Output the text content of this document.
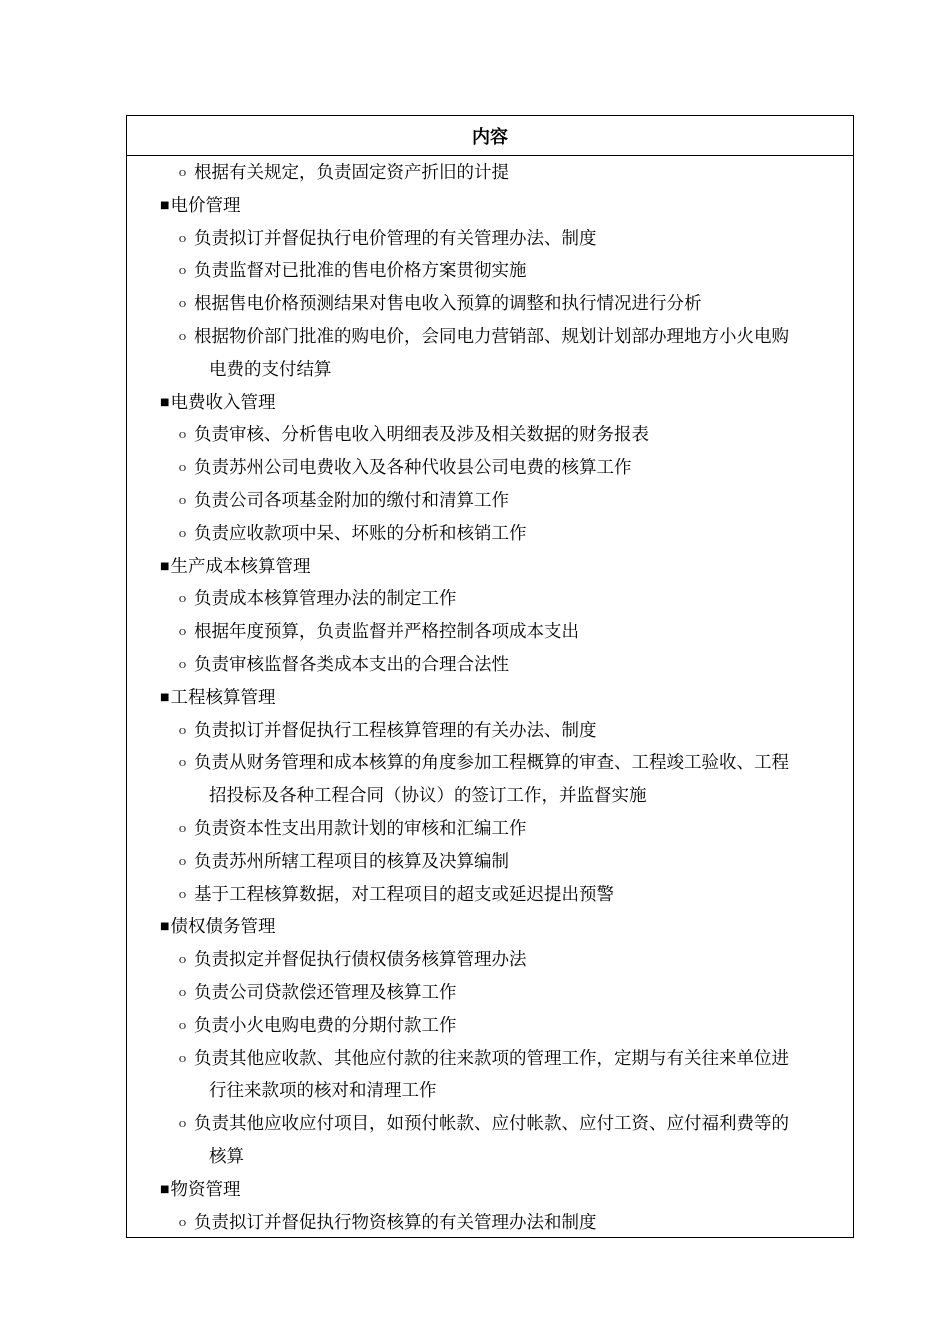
内容
ｏ 根据有关规定，负责固定资产折旧的计提
■电价管理
ｏ 负责拟订并督促执行电价管理的有关管理办法、制度
ｏ 负责监督对已批准的售电价格方案贯彻实施
ｏ 根据售电价格预测结果对售电收入预算的调整和执行情况进行分析
ｏ 根据物价部门批准的购电价，会同电力营销部、规划计划部办理地方小火电购
电费的支付结算
■电费收入管理
ｏ 负责审核、分析售电收入明细表及涉及相关数据的财务报表
ｏ 负责苏州公司电费收入及各种代收县公司电费的核算工作
ｏ 负责公司各项基金附加的缴付和清算工作
ｏ 负责应收款项中呆、坏账的分析和核销工作
■生产成本核算管理
ｏ 负责成本核算管理办法的制定工作
ｏ 根据年度预算，负责监督并严格控制各项成本支出
ｏ 负责审核监督各类成本支出的合理合法性
■工程核算管理
ｏ 负责拟订并督促执行工程核算管理的有关办法、制度
ｏ 负责从财务管理和成本核算的角度参加工程概算的审查、工程竣工验收、工程
招投标及各种工程合同（协议）的签订工作，并监督实施
ｏ 负责资本性支出用款计划的审核和汇编工作
ｏ 负责苏州所辖工程项目的核算及决算编制
ｏ 基于工程核算数据，对工程项目的超支或延迟提出预警
■债权债务管理
ｏ 负责拟定并督促执行债权债务核算管理办法
ｏ 负责公司贷款偿还管理及核算工作
ｏ 负责小火电购电费的分期付款工作
ｏ 负责其他应收款、其他应付款的往来款项的管理工作，定期与有关往来单位进
行往来款项的核对和清理工作
ｏ 负责其他应收应付项目，如预付帐款、应付帐款、应付工资、应付福利费等的
核算
■物资管理
ｏ 负责拟订并督促执行物资核算的有关管理办法和制度
